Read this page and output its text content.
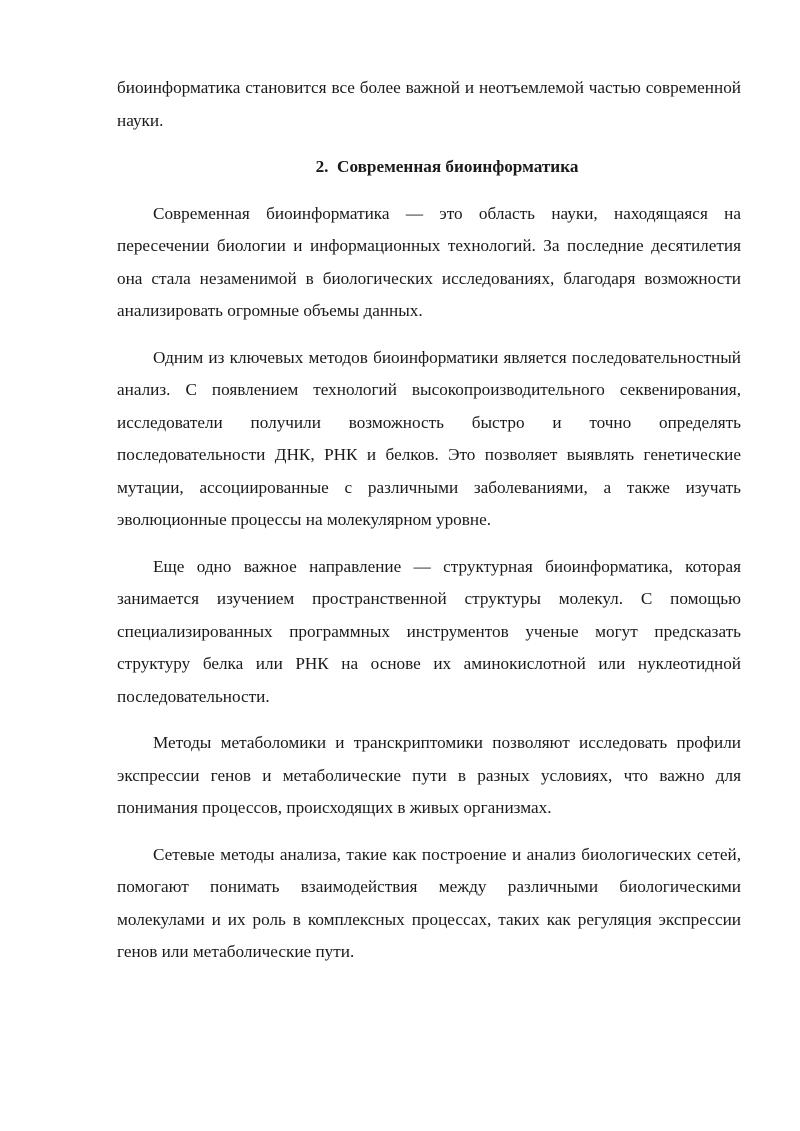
биоинформатика становится все более важной и неотъемлемой частью современной науки.

2. Современная биоинформатика

Современная биоинформатика — это область науки, находящаяся на пересечении биологии и информационных технологий. За последние десятилетия она стала незаменимой в биологических исследованиях, благодаря возможности анализировать огромные объемы данных.

Одним из ключевых методов биоинформатики является последовательностный анализ. С появлением технологий высокопроизводительного секвенирования, исследователи получили возможность быстро и точно определять последовательности ДНК, РНК и белков. Это позволяет выявлять генетические мутации, ассоциированные с различными заболеваниями, а также изучать эволюционные процессы на молекулярном уровне.

Еще одно важное направление — структурная биоинформатика, которая занимается изучением пространственной структуры молекул. С помощью специализированных программных инструментов ученые могут предсказать структуру белка или РНК на основе их аминокислотной или нуклеотидной последовательности.

Методы метаболомики и транскриптомики позволяют исследовать профили экспрессии генов и метаболические пути в разных условиях, что важно для понимания процессов, происходящих в живых организмах.

Сетевые методы анализа, такие как построение и анализ биологических сетей, помогают понимать взаимодействия между различными биологическими молекулами и их роль в комплексных процессах, таких как регуляция экспрессии генов или метаболические пути.
